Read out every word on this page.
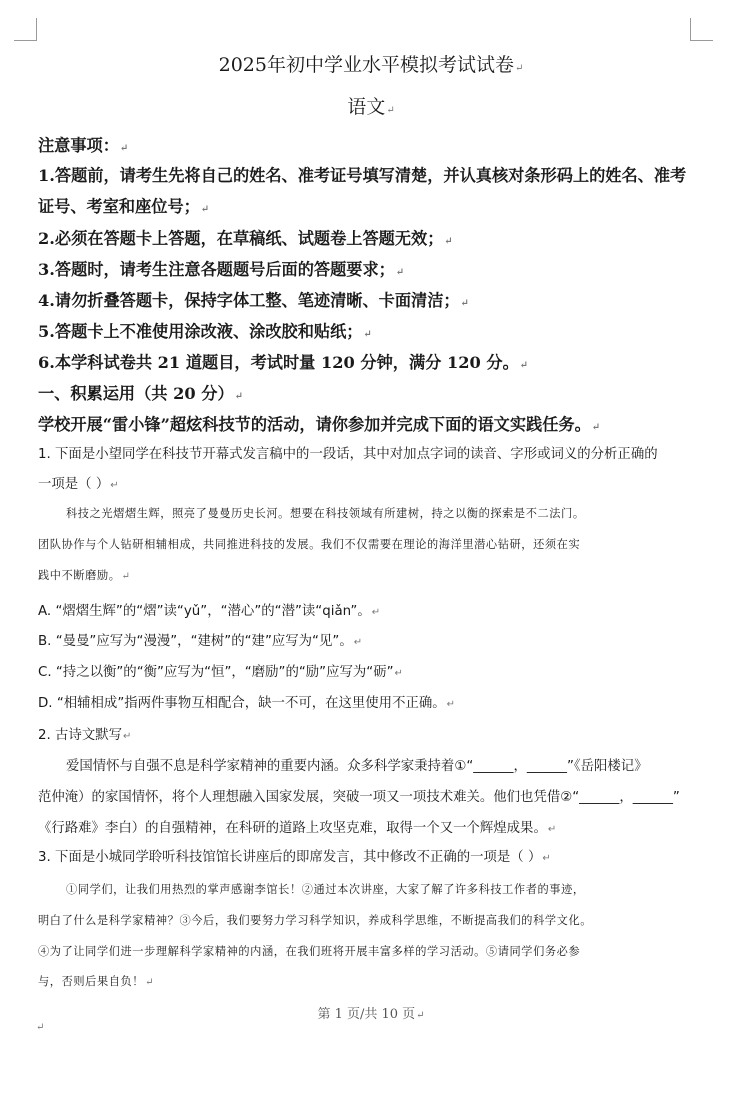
2025年初中学业水平模拟考试试卷↵
语文↵
注意事项：↵
1.答题前，请考生先将自己的姓名、准考证号填写清楚，并认真核对条形码上的姓名、准考
证号、考室和座位号；↵
2.必须在答题卡上答题，在草稿纸、试题卷上答题无效；↵
3.答题时，请考生注意各题题号后面的答题要求；↵
4.请勿折叠答题卡，保持字体工整、笔迹清晰、卡面清洁；↵
5.答题卡上不准使用涂改液、涂改胶和贴纸；↵
6.本学科试卷共 21 道题目，考试时量 120 分钟，满分 120 分。↵
一、积累运用（共 20 分）↵
学校开展“雷小锋”超炫科技节的活动，请你参加并完成下面的语文实践任务。↵
1. 下面是小望同学在科技节开幕式发言稿中的一段话，其中对加点字词的读音、字形或词义的分析正确的
一项是（ ）↵
科技之光熠熠生辉，照亮了曼曼历史长河。想要在科技领域有所建树，持之以衡的探索是不二法门。
团队协作与个人钻研相辅相成，共同推进科技的发展。我们不仅需要在理论的海洋里潜心钻研，还须在实
践中不断磨励。↵
A. “熠熠生辉”的“熠”读“yǔ”，“潜心”的“潜”读“qiǎn”。↵
B. “曼曼”应写为“漫漫”，“建树”的“建”应写为“见”。↵
C. “持之以衡”的“衡”应写为“恒”，“磨励”的“励”应写为“砺”↵
D. “相辅相成”指两件事物互相配合，缺一不可，在这里使用不正确。↵
2. 古诗文默写↵
爱国情怀与自强不息是科学家精神的重要内涵。众多科学家秉持着①“______，______”《岳阳楼记》
范仲淹）的家国情怀，将个人理想融入国家发展，突破一项又一项技术难关。他们也凭借②“______，______”
《行路难》李白）的自强精神，在科研的道路上攻坚克难，取得一个又一个辉煌成果。↵
3. 下面是小城同学聆听科技馆馆长讲座后的即席发言，其中修改不正确的一项是（ ）↵
①同学们，让我们用热烈的掌声感谢李馆长！②通过本次讲座，大家了解了许多科技工作者的事迹，
明白了什么是科学家精神？③今后，我们要努力学习科学知识，养成科学思维，不断提高我们的科学文化。
④为了让同学们进一步理解科学家精神的内涵，在我们班将开展丰富多样的学习活动。⑤请同学们务必参
与，否则后果自负！↵
第 1 页/共 10 页↵
↵
